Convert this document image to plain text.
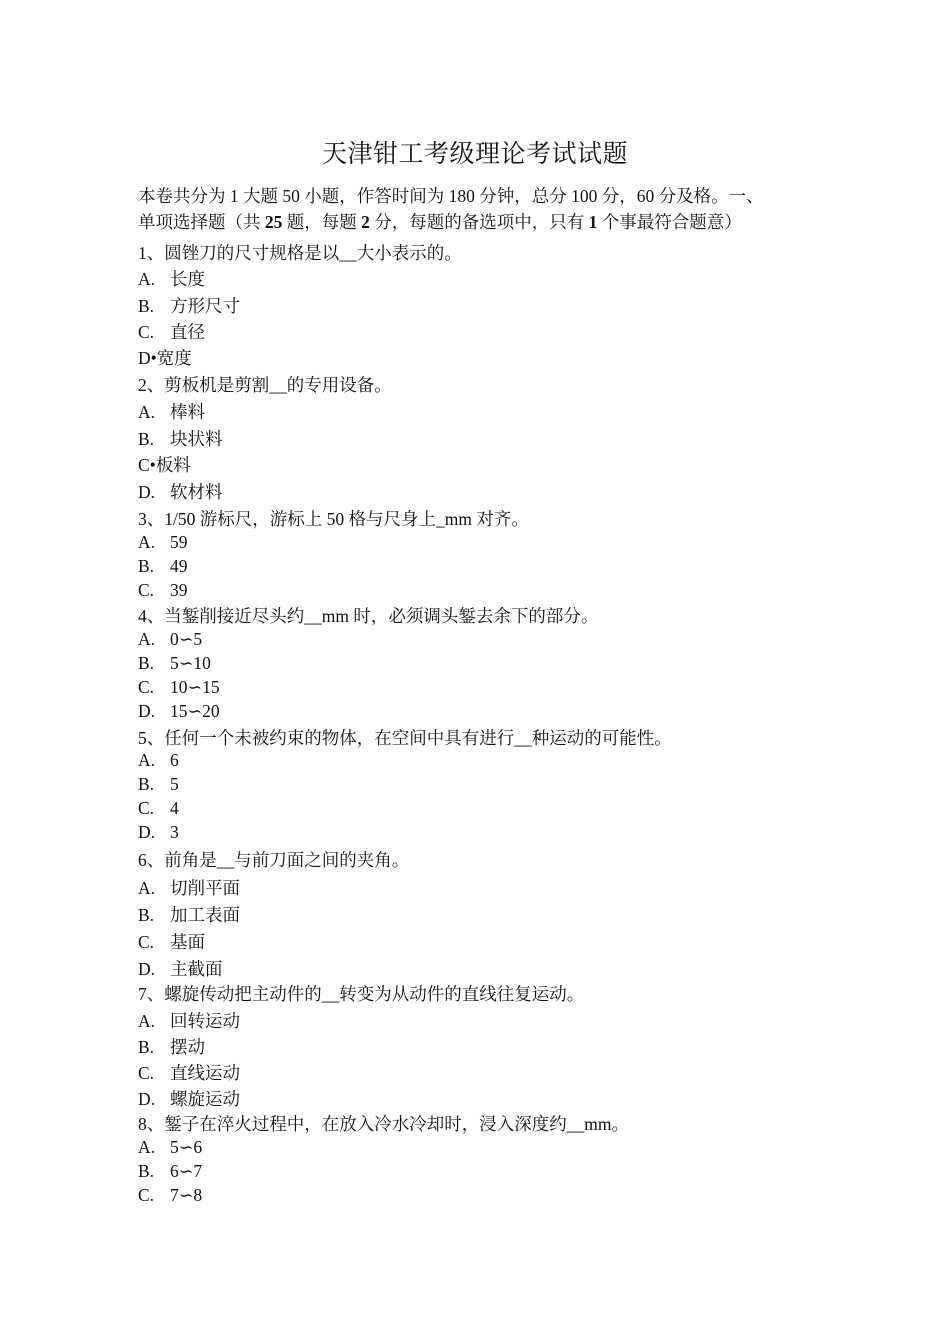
天津钳工考级理论考试试题
本卷共分为 1 大题 50 小题，作答时间为 180 分钟，总分 100 分，60 分及格。一、
单项选择题（共 25 题，每题 2 分，每题的备选项中，只有 1 个事最符合题意）
1、圆锉刀的尺寸规格是以__大小表示的。
A. 长度
B. 方形尺寸
C. 直径
D•宽度
2、剪板机是剪割__的专用设备。
A. 棒料
B. 块状料
C•板料
D. 软材料
3、1/50 游标尺，游标上 50 格与尺身上_mm 对齐。
A. 59
B. 49
C. 39
4、当錾削接近尽头约__mm 时，必须调头錾去余下的部分。
A. 0∽5
B. 5∽10
C. 10∽15
D. 15∽20
5、任何一个未被约束的物体，在空间中具有进行__种运动的可能性。
A. 6
B. 5
C. 4
D. 3
6、前角是__与前刀面之间的夹角。
A. 切削平面
B. 加工表面
C. 基面
D. 主截面
7、螺旋传动把主动件的__转变为从动件的直线往复运动。
A. 回转运动
B. 摆动
C. 直线运动
D. 螺旋运动
8、錾子在淬火过程中，在放入冷水冷却时，浸入深度约__mm。
A. 5∽6
B. 6∽7
C. 7∽8
